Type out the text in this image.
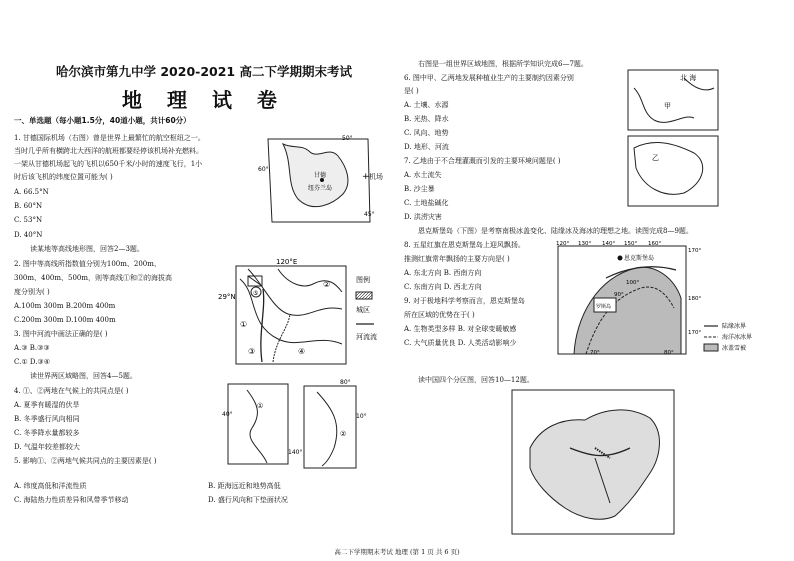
哈尔滨市第九中学 2020-2021 高二下学期期末考试
地 理 试 卷
一、单选题（每小题1.5分，40道小题，共计60分）
1. 甘德国际机场（右图）曾是世界上最繁忙的航空枢纽之一。
当时几乎所有横跨北大西洋的航班都要经停该机场补充燃料。
一架从甘德机场起飞的飞机以650千米/小时的速度飞行，1小
时后该飞机的纬度位置可能为( )
A. 66.5°N
B. 60°N
C. 53°N
D. 40°N
读某地等高线地形图，回答2—3题。
2. 图中等高线所指数值分别为100m、200m、
300m、400m、500m，则等高线①和②的海拔高
度分别为( )
A.100m 300m B.200m 400m
C.200m 300m D.100m 400m
3. 图中河流中画法正确的是( )
A.③ B.③③
C.① D.③④
读世界两区域略图，回答4—5题。
4. ①、②两地在气候上的共同点是( )
A. 夏季有暖湿的伏旱
B. 冬季盛行风向相同
C. 冬季降水量都较多
D. 气温年较差都较大
5. 影响①、②两地气候共同点的主要因素是( )
A. 纬度高低和洋流性质	B. 距海远近和地势高低
C. 海陆热力性质差异和风带季节移动	D. 盛行风向和下垫面状况
右图是一组世界区域地图，根据所学知识完成6—7题。
6. 图中甲、乙两地发展种植业生产的主要制约因素分别
是( )
A. 土壤、水源
B. 光热、降水
C. 风向、地势
D. 地形、河流
7. 乙地由于不合理灌溉而引发的主要环境问题是( )
A. 水土流失
B. 沙尘暴
C. 土地盐碱化
D. 洪涝灾害
恩克斯堡岛（下图）是考察南极冰盖变化、陆缘冰及海冰的理想之地。读图完成8—9题。
8. 五星红旗在恩克斯堡岛上迎风飘扬。
推测红旗常年飘扬的主要方向是( )
A. 东北方向 B. 西南方向
C. 东南方向 D. 西北方向
9. 对于极地科学考察而言，恩克斯堡岛
所在区域的优势在于( )
A. 生物类型多样 B. 对全球变暖敏感
C. 大气质量优良 D. 人类活动影响少
读中国四个分区图，回答10—12题。
甘德
纽芬兰岛
50°
60°
45°
+ 机场
⑤
②
①
③	④
120°E
29°N
图例
城区
河流流
①
40°
140°
②
80°
10°
北 海
甲
乙
罗斯岛
恩克斯堡岛
120° 130° 140° 150° 160°
170°
180°
170°
70°	80°
100°
90°
陆缘冰界
海洋冰冰界
冰盖雪被
高二下学期期末考试 地理 (第 1 页 共 6 页)
